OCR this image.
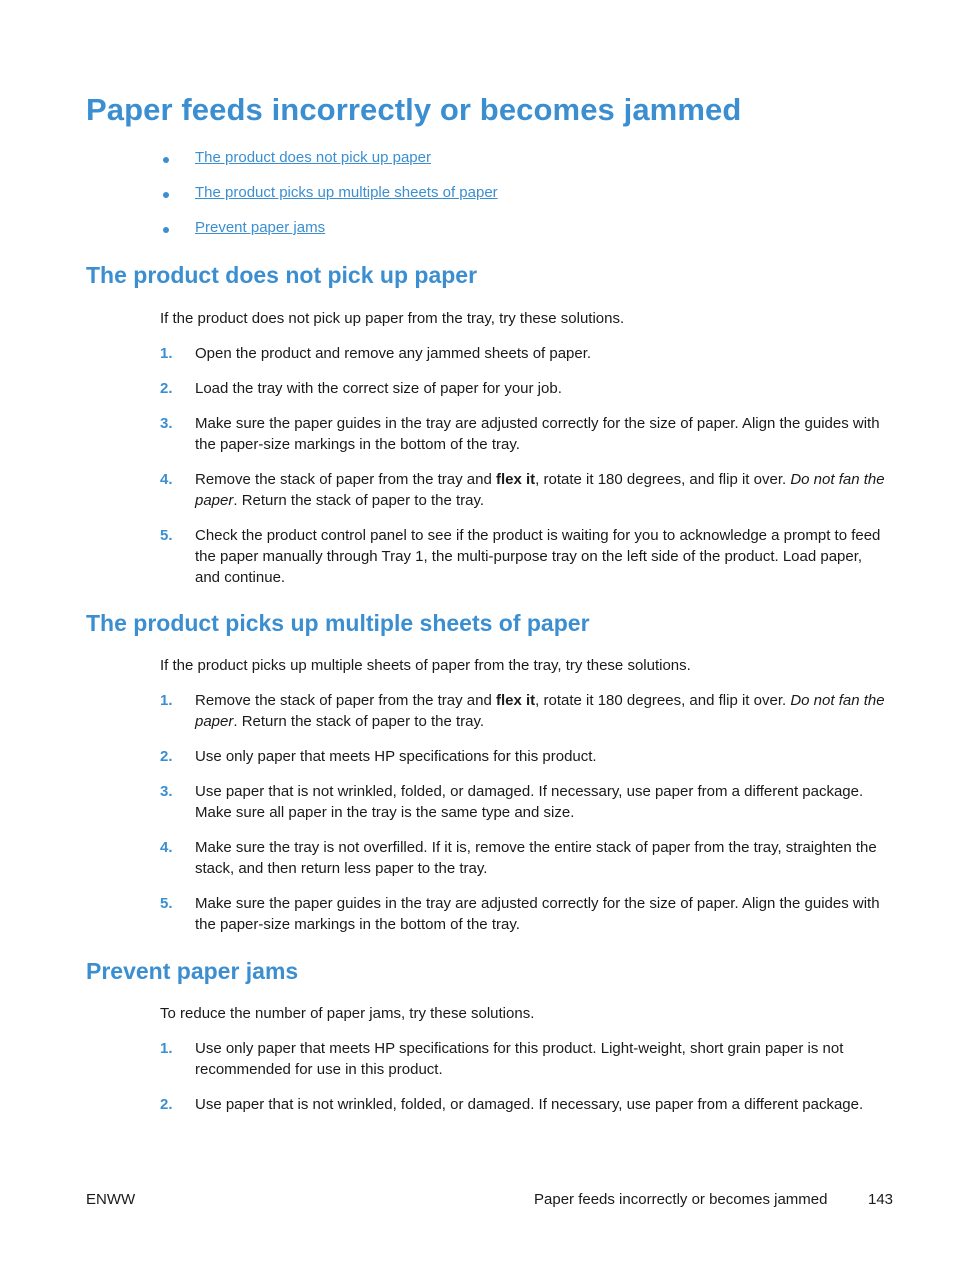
Paper feeds incorrectly or becomes jammed
The product does not pick up paper
The product picks up multiple sheets of paper
Prevent paper jams
The product does not pick up paper
If the product does not pick up paper from the tray, try these solutions.
1. Open the product and remove any jammed sheets of paper.
2. Load the tray with the correct size of paper for your job.
3. Make sure the paper guides in the tray are adjusted correctly for the size of paper. Align the guides with the paper-size markings in the bottom of the tray.
4. Remove the stack of paper from the tray and flex it, rotate it 180 degrees, and flip it over. Do not fan the paper. Return the stack of paper to the tray.
5. Check the product control panel to see if the product is waiting for you to acknowledge a prompt to feed the paper manually through Tray 1, the multi-purpose tray on the left side of the product. Load paper, and continue.
The product picks up multiple sheets of paper
If the product picks up multiple sheets of paper from the tray, try these solutions.
1. Remove the stack of paper from the tray and flex it, rotate it 180 degrees, and flip it over. Do not fan the paper. Return the stack of paper to the tray.
2. Use only paper that meets HP specifications for this product.
3. Use paper that is not wrinkled, folded, or damaged. If necessary, use paper from a different package. Make sure all paper in the tray is the same type and size.
4. Make sure the tray is not overfilled. If it is, remove the entire stack of paper from the tray, straighten the stack, and then return less paper to the tray.
5. Make sure the paper guides in the tray are adjusted correctly for the size of paper. Align the guides with the paper-size markings in the bottom of the tray.
Prevent paper jams
To reduce the number of paper jams, try these solutions.
1. Use only paper that meets HP specifications for this product. Light-weight, short grain paper is not recommended for use in this product.
2. Use paper that is not wrinkled, folded, or damaged. If necessary, use paper from a different package.
ENWW	Paper feeds incorrectly or becomes jammed	143
